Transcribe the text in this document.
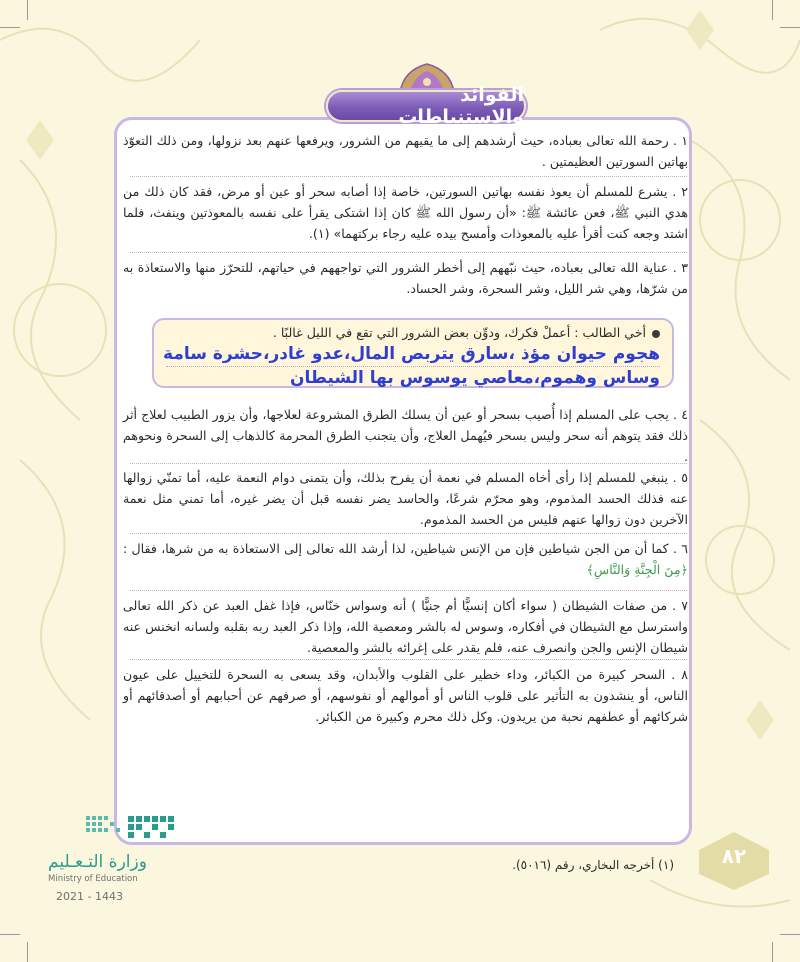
الفوائد والاستنباطات

١ . رحمة الله تعالى بعباده، حيث أرشدهم إلى ما يقيهم من الشرور، ويرفعها عنهم بعد نزولها، ومن ذلك التعوّذ بهاتين السورتين العظيمتين .

٢ . يشرع للمسلم أن يعوذ نفسه بهاتين السورتين، خاصة إذا أصابه سحر أو عين أو مرض، فقد كان ذلك من هدي النبي ﷺ، فعن عائشة ﷺ: «أن رسول الله ﷺ كان إذا اشتكى يقرأ على نفسه بالمعوذتين وينفث، فلما اشتد وجعه كنت أقرأ عليه بالمعوذات وأمسح بيده عليه رجاء بركتهما» (١).

٣ . عناية الله تعالى بعباده، حيث نبّههم إلى أخطر الشرور التي تواجههم في حياتهم، للتحرّز منها والاستعاذة به من شرّها، وهي شر الليل، وشر السحرة، وشر الحساد.

أخي الطالب : أعملْ فكرك، ودوِّن بعض الشرور التي تقع في الليل غالبًا .
هجوم حيوان مؤذ ،سارق يتربص المال،عدو غادر،حشرة سامة
وساس وهموم،معاصي يوسوس بها الشيطان

٤ . يجب على المسلم إذا أُصيب بسحر أو عين أن يسلك الطرق المشروعة لعلاجها، وأن يزور الطبيب لعلاج أثر ذلك فقد يتوهم أنه سحر وليس بسحر فيُهمل العلاج، وأن يتجنب الطرق المحرمة كالذهاب إلى السحرة ونحوهم .

٥ . ينبغي للمسلم إذا رأى أخاه المسلم في نعمة أن يفرح بذلك، وأن يتمنى دوام النعمة عليه، أما تمنّي زوالها عنه فذلك الحسد المذموم، وهو محرّم شرعًا، والحاسد يضر نفسه قبل أن يضر غيره، أما تمني مثل نعمة الآخرين دون زوالها عنهم فليس من الحسد المذموم.

٦ . كما أن من الجن شياطين فإن من الإنس شياطين، لذا أرشد الله تعالى إلى الاستعاذة به من شرها، فقال : ﴿مِنَ الْجِنَّةِ وَالنَّاسِ﴾

٧ . من صفات الشيطان ( سواء أكان إنسيًّا أم جنيًّا ) أنه وسواس خنّاس، فإذا غفل العبد عن ذكر الله تعالى واسترسل مع الشيطان في أفكاره، وسوس له بالشر ومعصية الله، وإذا ذكر العبد ربه بقلبه ولسانه انخنس عنه شيطان الإنس والجن وانصرف عنه، فلم يقدر على إغرائه بالشر والمعصية.

٨ . السحر كبيرة من الكبائر، وداء خطير على القلوب والأبدان، وقد يسعى به السحرة للتخييل على عيون الناس، أو ينشدون به التأثير على قلوب الناس أو أموالهم أو نفوسهم، أو صرفهم عن أحبابهم أو أصدقائهم أو شركائهم أو عطفهم نحبة من يريدون. وكل ذلك محرم وكبيرة من الكبائر.

(١) أخرجه البخاري، رقم (٥٠١٦).	٨٢
وزارة التـعـليم
Ministry of Education
2021 - 1443
